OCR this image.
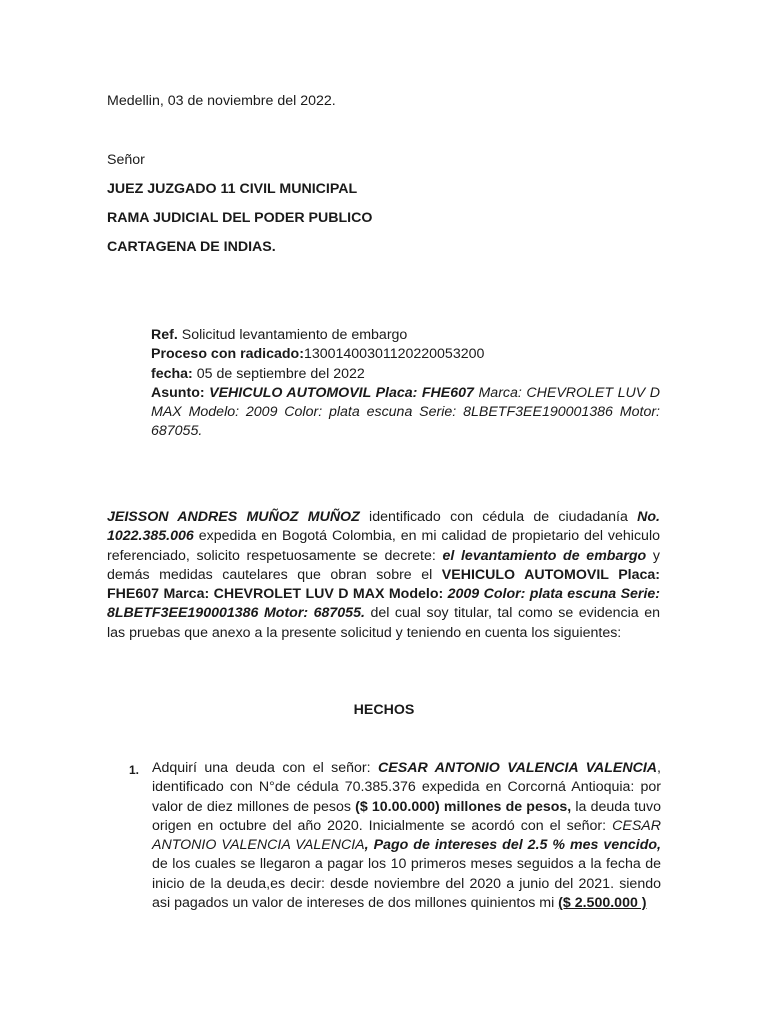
Medellin, 03 de noviembre del 2022.
Señor
JUEZ JUZGADO 11 CIVIL MUNICIPAL
RAMA JUDICIAL DEL PODER PUBLICO
CARTAGENA DE INDIAS.

Ref. Solicitud levantamiento de embargo

Proceso con radicado:13001400301120220053200

fecha: 05 de septiembre del 2022

Asunto: VEHICULO AUTOMOVIL Placa: FHE607 Marca: CHEVROLET LUV D MAX Modelo: 2009 Color: plata escuna Serie: 8LBETF3EE190001386 Motor: 687055.

JEISSON ANDRES MUÑOZ MUÑOZ identificado con cédula de ciudadanía No. 1022.385.006 expedida en Bogotá Colombia, en mi calidad de propietario del vehiculo referenciado, solicito respetuosamente se decrete: el levantamiento de embargo y demás medidas cautelares que obran sobre el VEHICULO AUTOMOVIL Placa: FHE607 Marca: CHEVROLET LUV D MAX Modelo: 2009 Color: plata escuna Serie: 8LBETF3EE190001386 Motor: 687055. del cual soy titular, tal como se evidencia en las pruebas que anexo a la presente solicitud y teniendo en cuenta los siguientes:

HECHOS
1. Adquirí una deuda con el señor: CESAR ANTONIO VALENCIA VALENCIA, identificado con N°de cédula 70.385.376 expedida en Corcorná Antioquia: por valor de diez millones de pesos ($ 10.00.000) millones de pesos, la deuda tuvo origen en octubre del año 2020. Inicialmente se acordó con el señor: CESAR ANTONIO VALENCIA VALENCIA, Pago de intereses del 2.5 % mes vencido, de los cuales se llegaron a pagar los 10 primeros meses seguidos a la fecha de inicio de la deuda,es decir: desde noviembre del 2020 a junio del 2021. siendo asi pagados un valor de intereses de dos millones quinientos mi ($ 2.500.000 )
